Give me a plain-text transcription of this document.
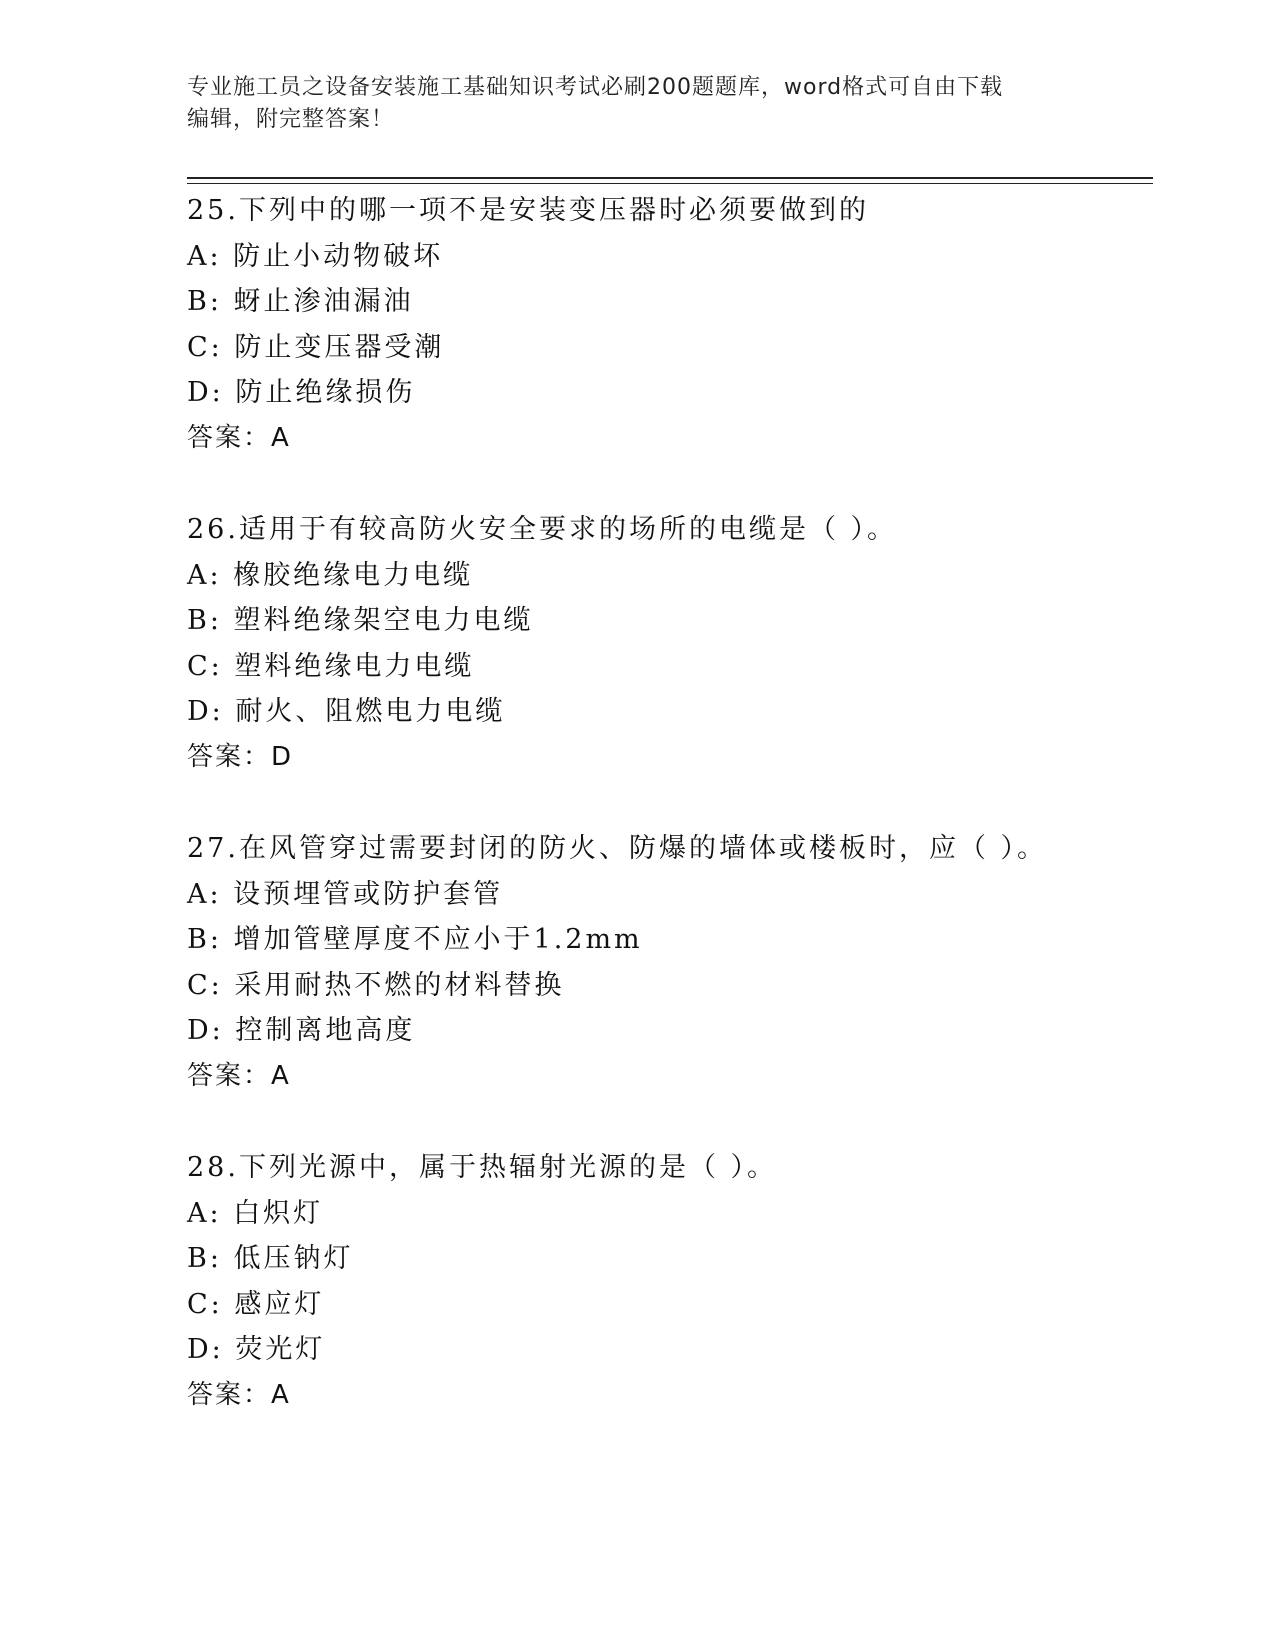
专业施工员之设备安装施工基础知识考试必刷200题题库，word格式可自由下载
编辑，附完整答案！
25.下列中的哪一项不是安装变压器时必须要做到的
A: 防止小动物破坏
B: 蚜止渗油漏油
C: 防止变压器受潮
D: 防止绝缘损伤
答案：A
26.适用于有较高防火安全要求的场所的电缆是（ ）。
A: 橡胶绝缘电力电缆
B: 塑料绝缘架空电力电缆
C: 塑料绝缘电力电缆
D: 耐火、阻燃电力电缆
答案：D
27.在风管穿过需要封闭的防火、防爆的墙体或楼板时，应（ ）。
A: 设预埋管或防护套管
B: 增加管壁厚度不应小于1.2mm
C: 采用耐热不燃的材料替换
D: 控制离地高度
答案：A
28.下列光源中，属于热辐射光源的是（ ）。
A: 白炽灯
B: 低压钠灯
C: 感应灯
D: 荧光灯
答案：A
